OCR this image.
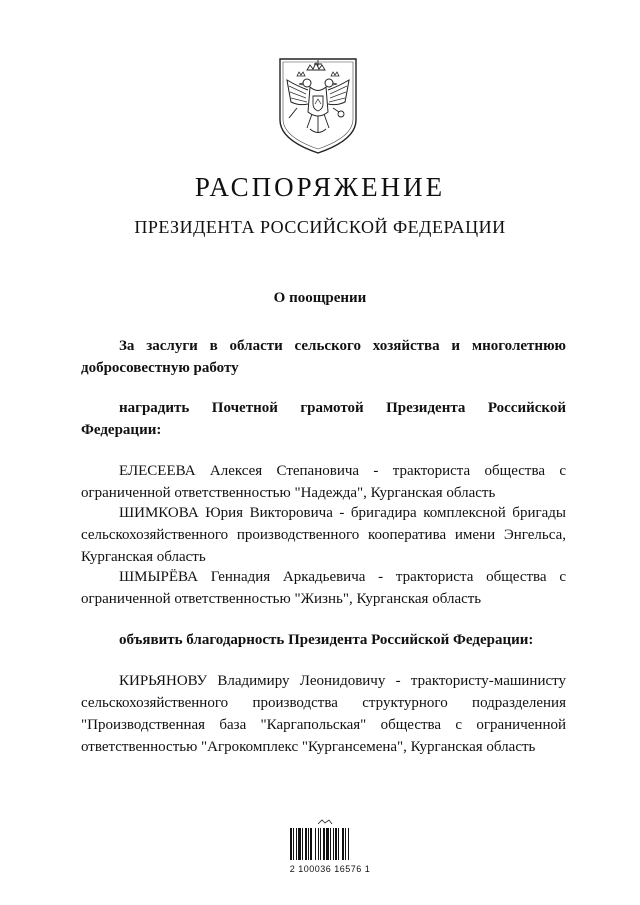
РАСПОРЯЖЕНИЕ
ПРЕЗИДЕНТА РОССИЙСКОЙ ФЕДЕРАЦИИ
О поощрении
За заслуги в области сельского хозяйства и многолетнюю добросовестную работу
наградить Почетной грамотой Президента Российской Федерации:
ЕЛЕСЕЕВА Алексея Степановича - тракториста общества с ограниченной ответственностью "Надежда", Курганская область
ШИМКОВА Юрия Викторовича - бригадира комплексной бригады сельскохозяйственного производственного кооператива имени Энгельса, Курганская область
ШМЫРЁВА Геннадия Аркадьевича - тракториста общества с ограниченной ответственностью "Жизнь", Курганская область
объявить благодарность Президента Российской Федерации:
КИРЬЯНОВУ Владимиру Леонидовичу - трактористу-машинисту сельскохозяйственного производства структурного подразделения "Производственная база "Каргапольская" общества с ограниченной ответственностью "Агрокомплекс "Кургансемена", Курганская область
2 100036 16576 1
